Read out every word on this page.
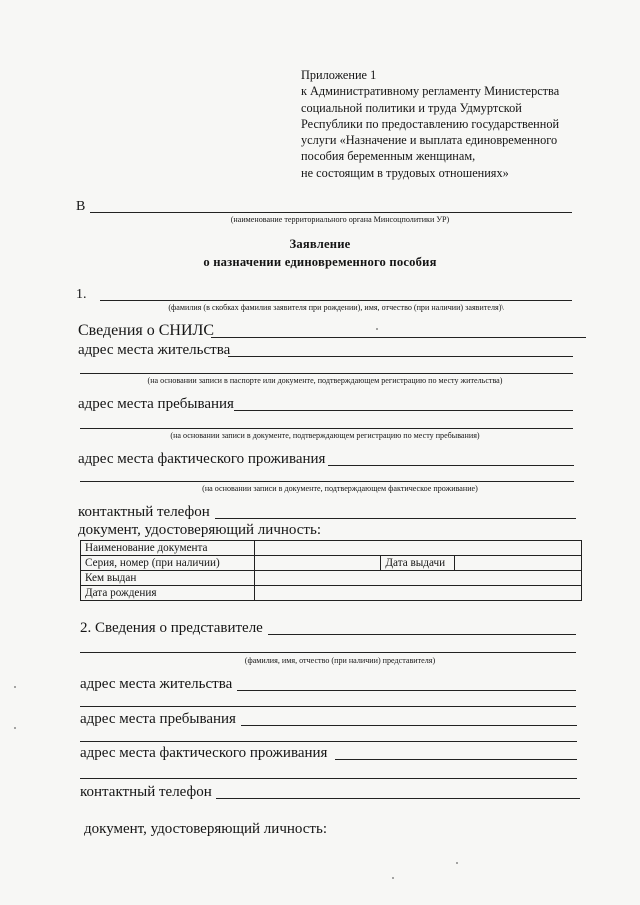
Приложение 1
к Административному регламенту Министерства
социальной политики и труда Удмуртской
Республики по предоставлению государственной
услуги «Назначение и выплата единовременного
пособия беременным женщинам,
не состоящим в трудовых отношениях»
В
(наименование территориального органа Минсоцполитики УР)
Заявление
о назначении единовременного пособия
1.
(фамилия (в скобках фамилия заявителя при рождении), имя, отчество (при наличии) заявителя)\
Сведения о СНИЛС
адрес места жительства
(на основании записи в паспорте или документе, подтверждающем регистрацию по месту жительства)
адрес места пребывания
(на основании записи в документе, подтверждающем регистрацию по месту пребывания)
адрес места фактического проживания
(на основании записи в документе, подтверждающем фактическое проживание)
контактный телефон
документ, удостоверяющий личность:
Наименование документа			
Серия, номер (при наличии)		Дата выдачи	
Кем выдан			
Дата рождения			
2. Сведения о представителе
(фамилия, имя, отчество (при наличии) представителя)
адрес места жительства
адрес места пребывания
адрес места фактического проживания
контактный телефон
документ, удостоверяющий личность:
